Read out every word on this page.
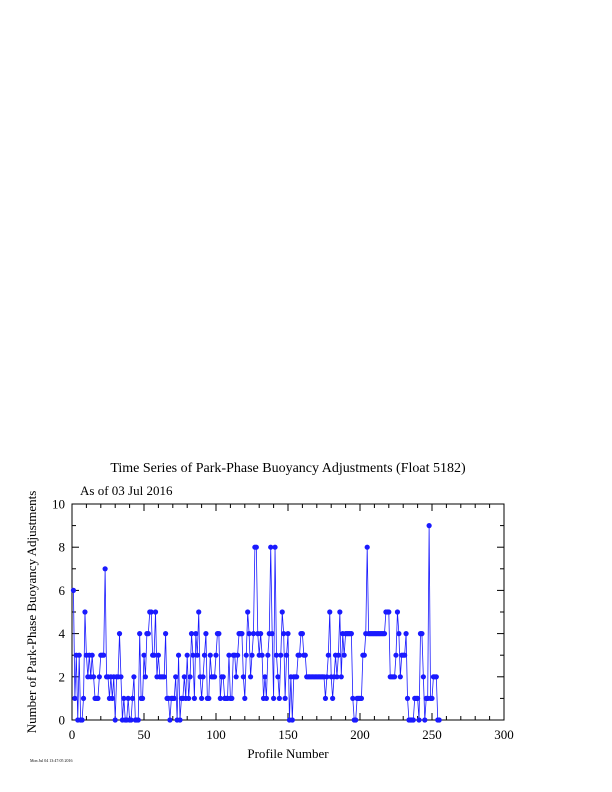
Time Series of Park-Phase Buoyancy Adjustments (Float 5182)
As of 03 Jul 2016
0	50	100	150	200	250	300
0
2
4
6
8
10
Profile Number
Number of Park-Phase Buoyancy Adjustments
Mon Jul 04 13:47:05 2016
